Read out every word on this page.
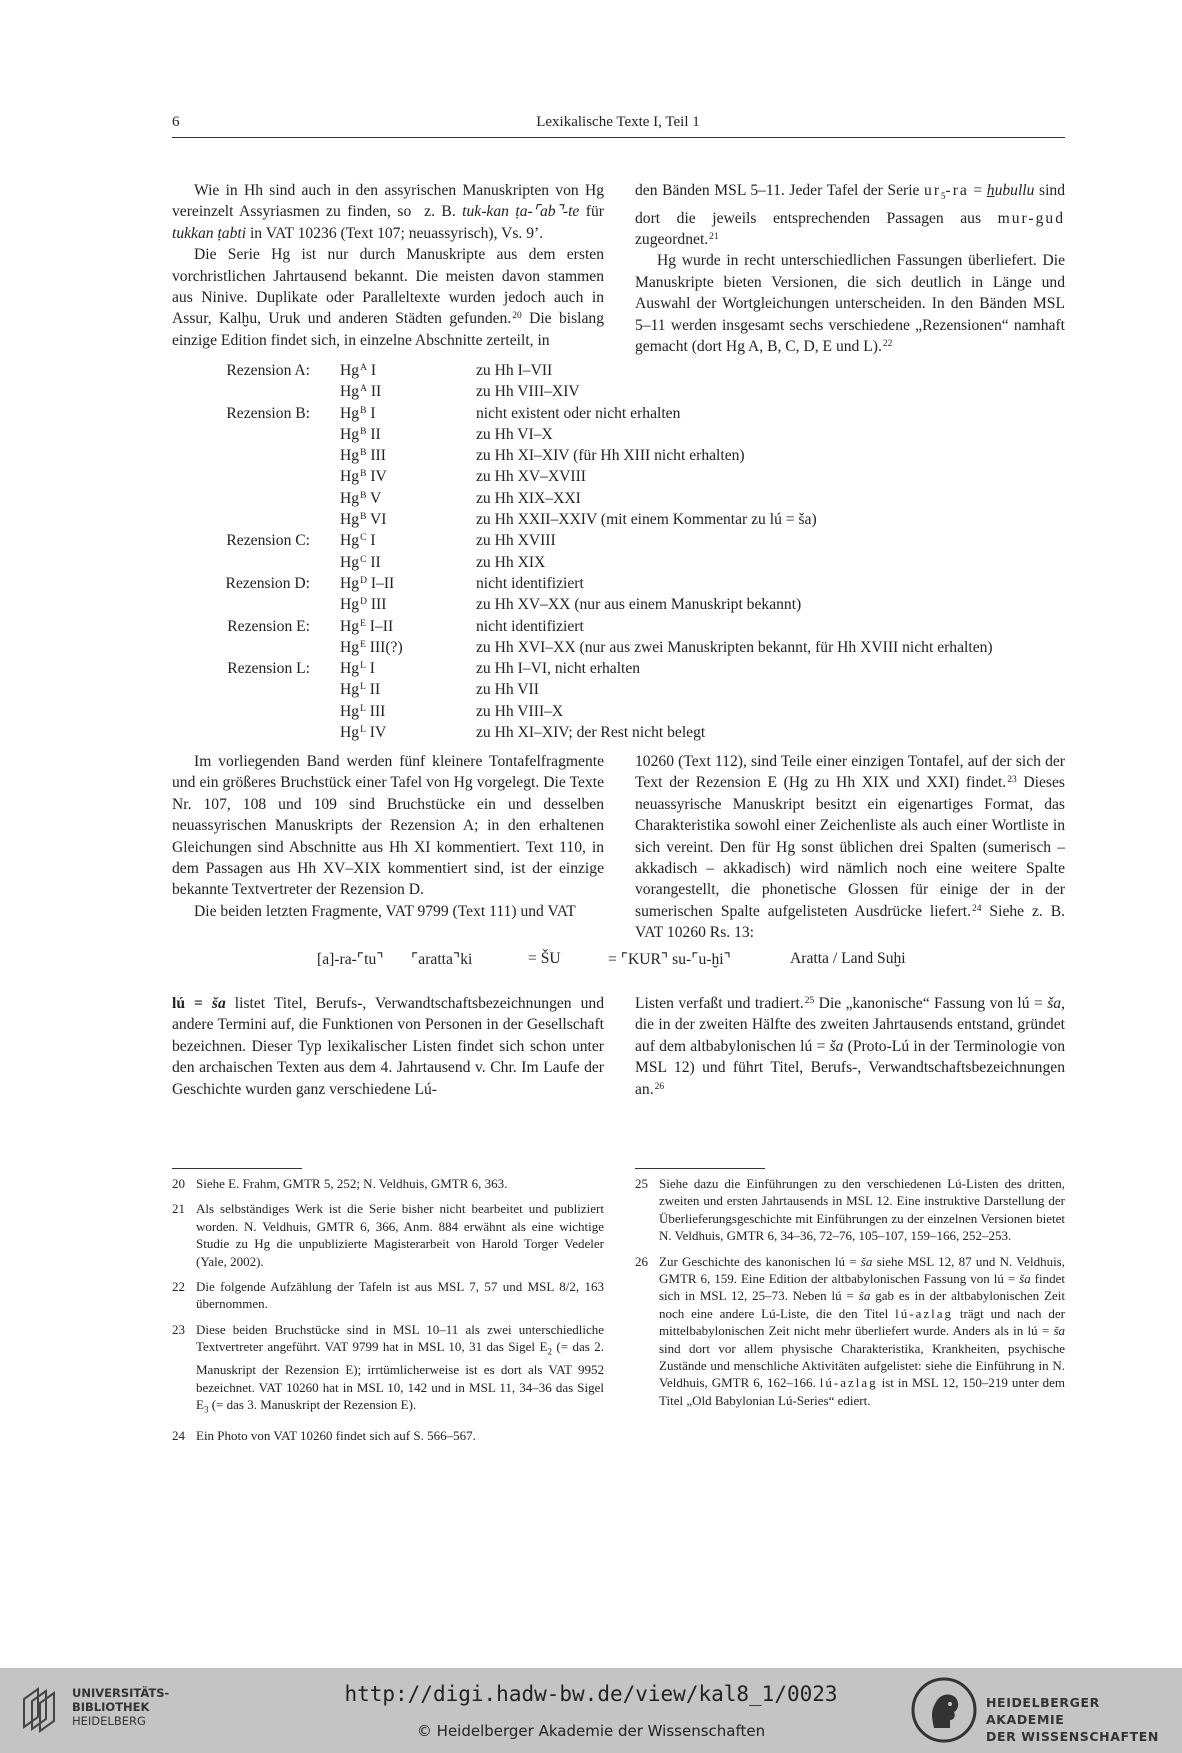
6	Lexikalische Texte I, Teil 1

Wie in Hh sind auch in den assyrischen Manuskripten von Hg vereinzelt Assyriasmen zu finden, so  z. B. tuk-kan ṭa-⌜ab⌝-te für tukkan ṭabti in VAT 10236 (Text 107; neuassyrisch), Vs. 9’.

Die Serie Hg ist nur durch Manuskripte aus dem ersten vorchristlichen Jahrtausend bekannt. Die meisten davon stammen aus Ninive. Duplikate oder Paralleltexte wurden jedoch auch in Assur, Kalḫu, Uruk und anderen Städten gefunden.$^{20}$ Die bislang einzige Edition findet sich, in einzelne Abschnitte zerteilt, in

den Bänden MSL 5–11. Jeder Tafel der Serie $ur_5-ra$ = hubullu sind dort die jeweils entsprechenden Passagen aus mur-gud zugeordnet.$^{21}$

Hg wurde in recht unterschiedlichen Fassungen überliefert. Die Manuskripte bieten Versionen, die sich deutlich in Länge und Auswahl der Wortgleichungen unterscheiden. In den Bänden MSL 5–11 werden insgesamt sechs verschiedene „Rezensionen“ namhaft gemacht (dort Hg A, B, C, D, E und L).$^{22}$

Rezension A: $Hg^A$ I	zu Hh I–VII
$Hg^A$ II	zu Hh VIII–XIV
Rezension B: $Hg^B$ I	nicht existent oder nicht erhalten
$Hg^B$ II	zu Hh VI–X
$Hg^B$ III	zu Hh XI–XIV (für Hh XIII nicht erhalten)
$Hg^B$ IV	zu Hh XV–XVIII
$Hg^B$ V	zu Hh XIX–XXI
$Hg^B$ VI	zu Hh XXII–XXIV (mit einem Kommentar zu lú = ša)
Rezension C: $Hg^C$ I	zu Hh XVIII
$Hg^C$ II	zu Hh XIX
Rezension D: $Hg^D$ I–II	nicht identifiziert
$Hg^D$ III	zu Hh XV–XX (nur aus einem Manuskript bekannt)
Rezension E: $Hg^E$ I–II	nicht identifiziert
$Hg^E$ III(?)	zu Hh XVI–XX (nur aus zwei Manuskripten bekannt, für Hh XVIII nicht erhalten)
Rezension L: $Hg^L$ I	zu Hh I–VI, nicht erhalten
$Hg^L$ II	zu Hh VII
$Hg^L$ III	zu Hh VIII–X
$Hg^L$ IV	zu Hh XI–XIV; der Rest nicht belegt

Im vorliegenden Band werden fünf kleinere Tontafelfragmente und ein größeres Bruchstück einer Tafel von Hg vorgelegt. Die Texte Nr. 107, 108 und 109 sind Bruchstücke ein und desselben neuassyrischen Manuskripts der Rezension A; in den erhaltenen Gleichungen sind Abschnitte aus Hh XI kommentiert. Text 110, in dem Passagen aus Hh XV–XIX kommentiert sind, ist der einzige bekannte Textvertreter der Rezension D.

Die beiden letzten Fragmente, VAT 9799 (Text 111) und VAT

10260 (Text 112), sind Teile einer einzigen Tontafel, auf der sich der Text der Rezension E (Hg zu Hh XIX und XXI) findet.$^{23}$ Dieses neuassyrische Manuskript besitzt ein eigenartiges Format, das Charakteristika sowohl einer Zeichenliste als auch einer Wortliste in sich vereint. Den für Hg sonst üblichen drei Spalten (sumerisch – akkadisch – akkadisch) wird nämlich noch eine weitere Spalte vorangestellt, die phonetische Glossen für einige der in der sumerischen Spalte aufgelisteten Ausdrücke liefert.$^{24}$ Siehe z. B. VAT 10260 Rs. 13:

[a]-ra-⌜tu⌝ ⌜aratta⌝ki	= ŠU	= ⌜KUR⌝ su-⌜u-ḫi⌝	Aratta / Land Suḫi

lú = ša listet Titel, Berufs-, Verwandtschaftsbezeichnungen und andere Termini auf, die Funktionen von Personen in der Gesellschaft bezeichnen. Dieser Typ lexikalischer Listen findet sich schon unter den archaischen Texten aus dem 4. Jahrtausend v. Chr. Im Laufe der Geschichte wurden ganz verschiedene Lú-

Listen verfaßt und tradiert.$^{25}$ Die „kanonische“ Fassung von lú = ša, die in der zweiten Hälfte des zweiten Jahrtausends entstand, gründet auf dem altbabylonischen lú = ša (Proto-Lú in der Terminologie von MSL 12) und führt Titel, Berufs-, Verwandtschaftsbezeichnungen an.$^{26}$

20 Siehe E. Frahm, GMTR 5, 252; N. Veldhuis, GMTR 6, 363.
21 Als selbständiges Werk ist die Serie bisher nicht bearbeitet und publiziert worden. N. Veldhuis, GMTR 6, 366, Anm. 884 erwähnt als eine wichtige Studie zu Hg die unpublizierte Magisterarbeit von Harold Torger Vedeler (Yale, 2002).
22 Die folgende Aufzählung der Tafeln ist aus MSL 7, 57 und MSL 8/2, 163 übernommen.
23 Diese beiden Bruchstücke sind in MSL 10–11 als zwei unterschiedliche Textvertreter angeführt. VAT 9799 hat in MSL 10, 31 das Sigel $E_2$ (= das 2. Manuskript der Rezension E); irrtümlicherweise ist es dort als VAT 9952 bezeichnet. VAT 10260 hat in MSL 10, 142 und in MSL 11, 34–36 das Sigel $E_3$ (= das 3. Manuskript der Rezension E).
24 Ein Photo von VAT 10260 findet sich auf S. 566–567.
25 Siehe dazu die Einführungen zu den verschiedenen Lú-Listen des dritten, zweiten und ersten Jahrtausends in MSL 12. Eine instruktive Darstellung der Überlieferungsgeschichte mit Einführungen zu der einzelnen Versionen bietet N. Veldhuis, GMTR 6, 34–36, 72–76, 105–107, 159–166, 252–253.
26 Zur Geschichte des kanonischen lú = ša siehe MSL 12, 87 und N. Veldhuis, GMTR 6, 159. Eine Edition der altbabylonischen Fassung von lú = ša findet sich in MSL 12, 25–73. Neben lú = ša gab es in der altbabylonischen Zeit noch eine andere Lú-Liste, die den Titel lú-azlag trägt und nach der mittelbabylonischen Zeit nicht mehr überliefert wurde. Anders als in lú = ša sind dort vor allem physische Charakteristika, Krankheiten, psychische Zustände und menschliche Aktivitäten aufgelistet: siehe die Einführung in N. Veldhuis, GMTR 6, 162–166. lú-azlag ist in MSL 12, 150–219 unter dem Titel „Old Babylonian Lú-Series“ ediert.
UNIVERSITÄTS-
BIBLIOTHEK
HEIDELBERG
http://digi.hadw-bw.de/view/kal8_1/0023
© Heidelberger Akademie der Wissenschaften
HEIDELBERGER AKADEMIE
DER WISSENSCHAFTEN
